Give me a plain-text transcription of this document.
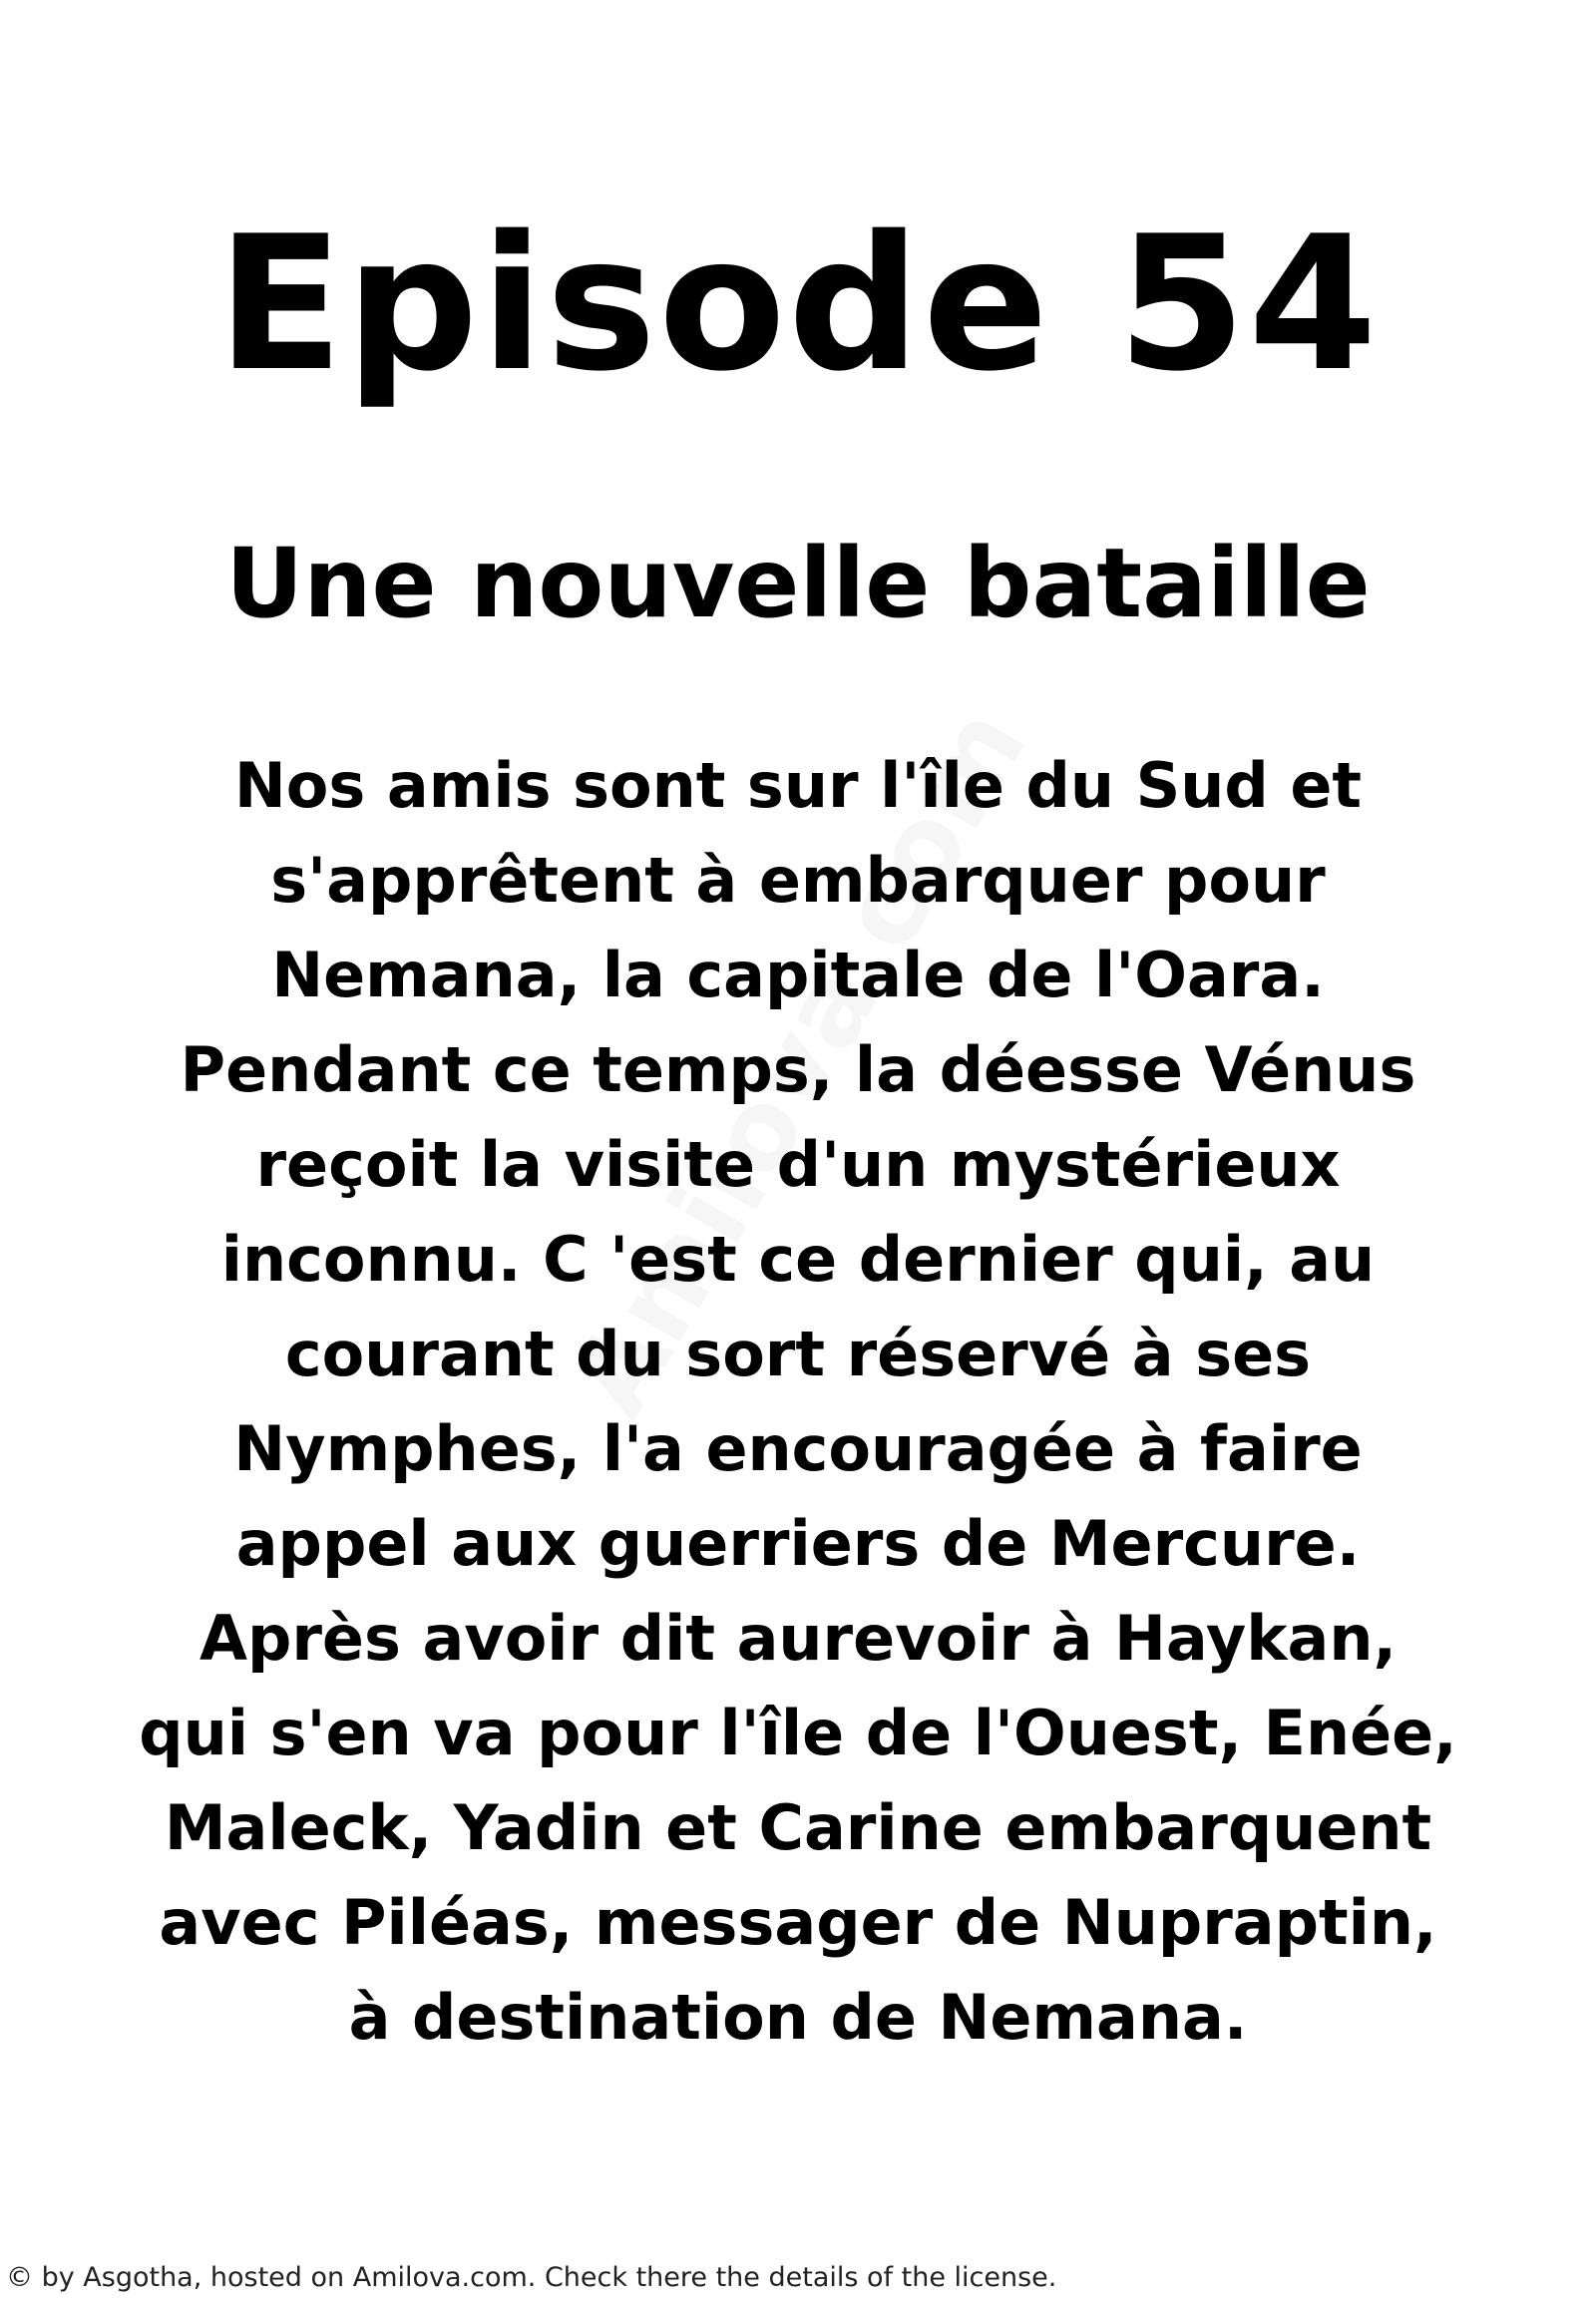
Episode 54
Une nouvelle bataille
Nos amis sont sur l'île du Sud et
s'apprêtent à embarquer pour
Nemana, la capitale de l'Oara.
Pendant ce temps, la déesse Vénus
reçoit la visite d'un mystérieux
inconnu. C 'est ce dernier qui, au
courant du sort réservé à ses
Nymphes, l'a encouragée à faire
appel aux guerriers de Mercure.
Après avoir dit aurevoir à Haykan,
qui s'en va pour l'île de l'Ouest, Enée,
Maleck, Yadin et Carine embarquent
avec Piléas, messager de Nupraptin,
à destination de Nemana.
© by Asgotha, hosted on Amilova.com. Check there the details of the license.
